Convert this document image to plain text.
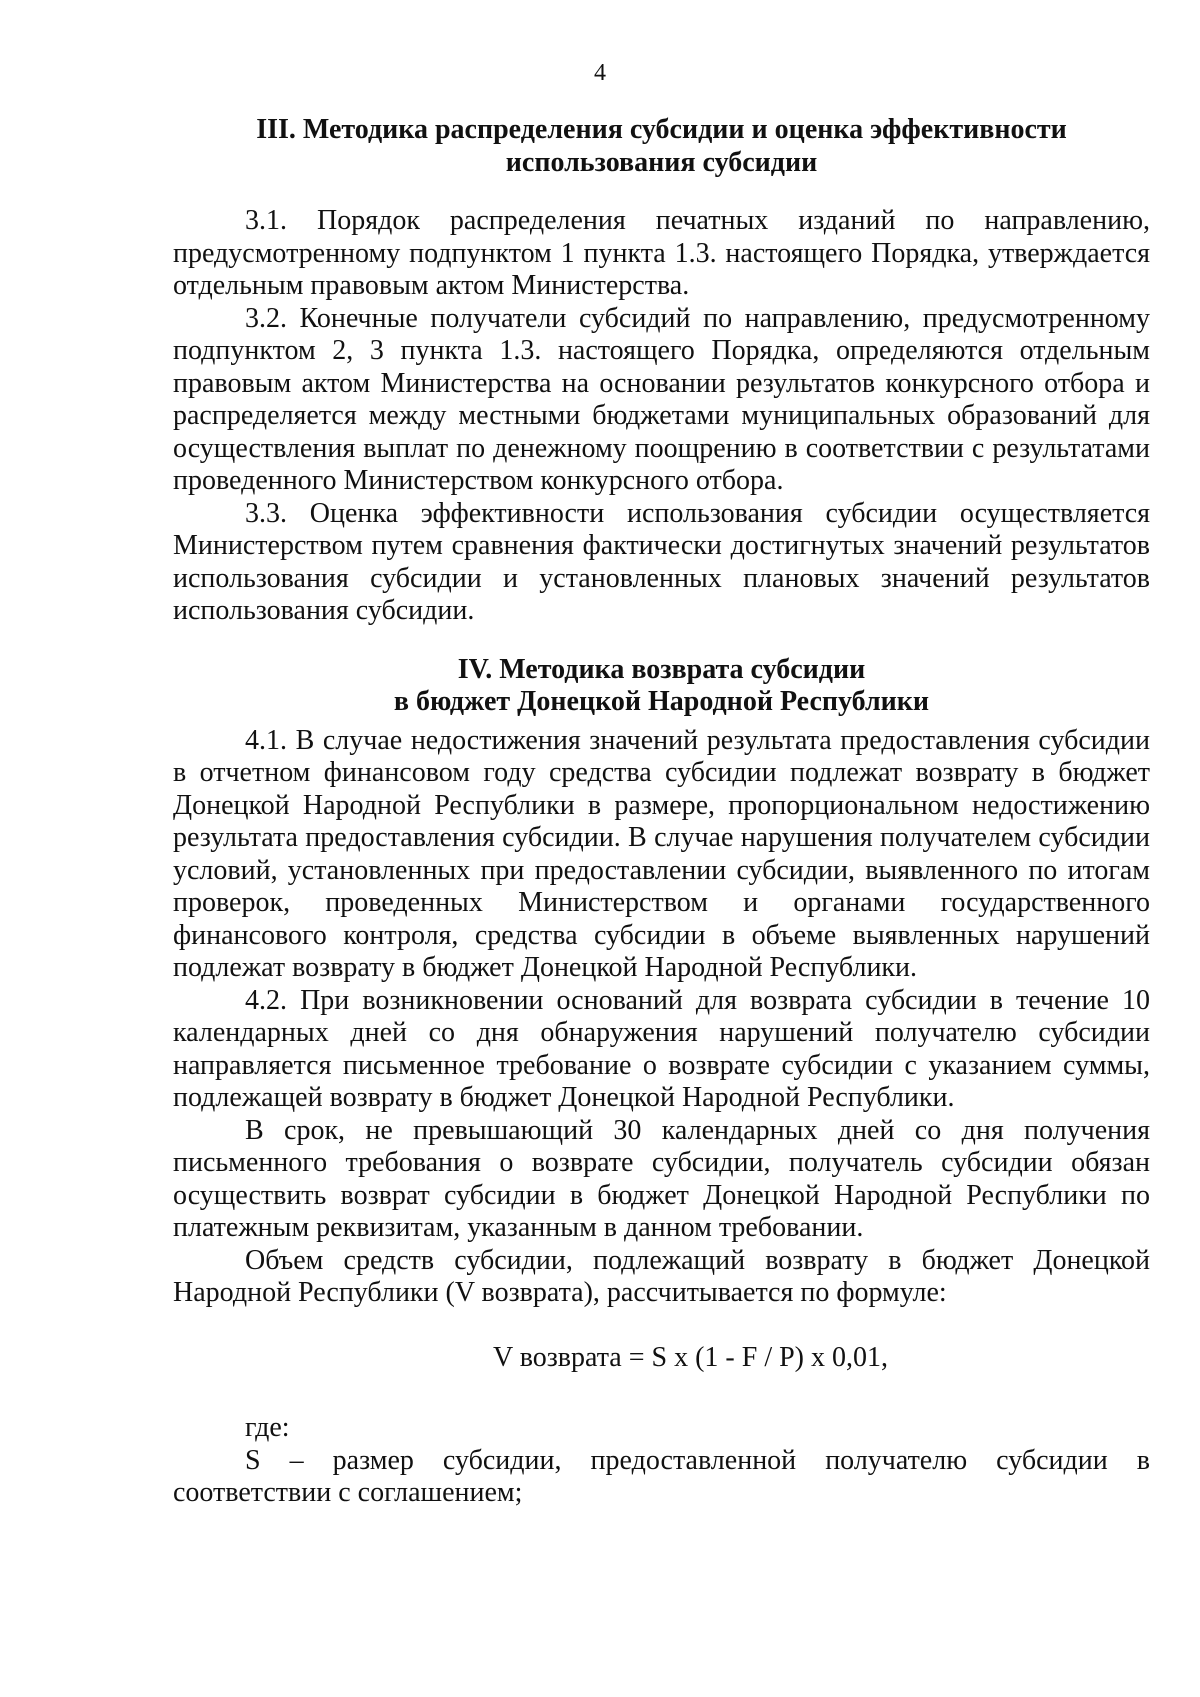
4
III. Методика распределения субсидии и оценка эффективности
использования субсидии

3.1. Порядок распределения печатных изданий по направлению, предусмотренному подпунктом 1 пункта 1.3. настоящего Порядка, утверждается отдельным правовым актом Министерства.

3.2. Конечные получатели субсидий по направлению, предусмотренному подпунктом 2, 3 пункта 1.3. настоящего Порядка, определяются отдельным правовым актом Министерства на основании результатов конкурсного отбора и распределяется между местными бюджетами муниципальных образований для осуществления выплат по денежному поощрению в соответствии с результатами проведенного Министерством конкурсного отбора.

3.3. Оценка эффективности использования субсидии осуществляется Министерством путем сравнения фактически достигнутых значений результатов использования субсидии и установленных плановых значений результатов использования субсидии.

IV. Методика возврата субсидии
в бюджет Донецкой Народной Республики

4.1. В случае недостижения значений результата предоставления субсидии в отчетном финансовом году средства субсидии подлежат возврату в бюджет Донецкой Народной Республики в размере, пропорциональном недостижению результата предоставления субсидии. В случае нарушения получателем субсидии условий, установленных при предоставлении субсидии, выявленного по итогам проверок, проведенных Министерством и органами государственного финансового контроля, средства субсидии в объеме выявленных нарушений подлежат возврату в бюджет Донецкой Народной Республики.

4.2. При возникновении оснований для возврата субсидии в течение 10 календарных дней со дня обнаружения нарушений получателю субсидии направляется письменное требование о возврате субсидии с указанием суммы, подлежащей возврату в бюджет Донецкой Народной Республики.

В срок, не превышающий 30 календарных дней со дня получения письменного требования о возврате субсидии, получатель субсидии обязан осуществить возврат субсидии в бюджет Донецкой Народной Республики по платежным реквизитам, указанным в данном требовании.

Объем средств субсидии, подлежащий возврату в бюджет Донецкой Народной Республики (V возврата), рассчитывается по формуле:

V возврата = S x (1 - F / P) x 0,01,

где:

S – размер субсидии, предоставленной получателю субсидии в соответствии с соглашением;
